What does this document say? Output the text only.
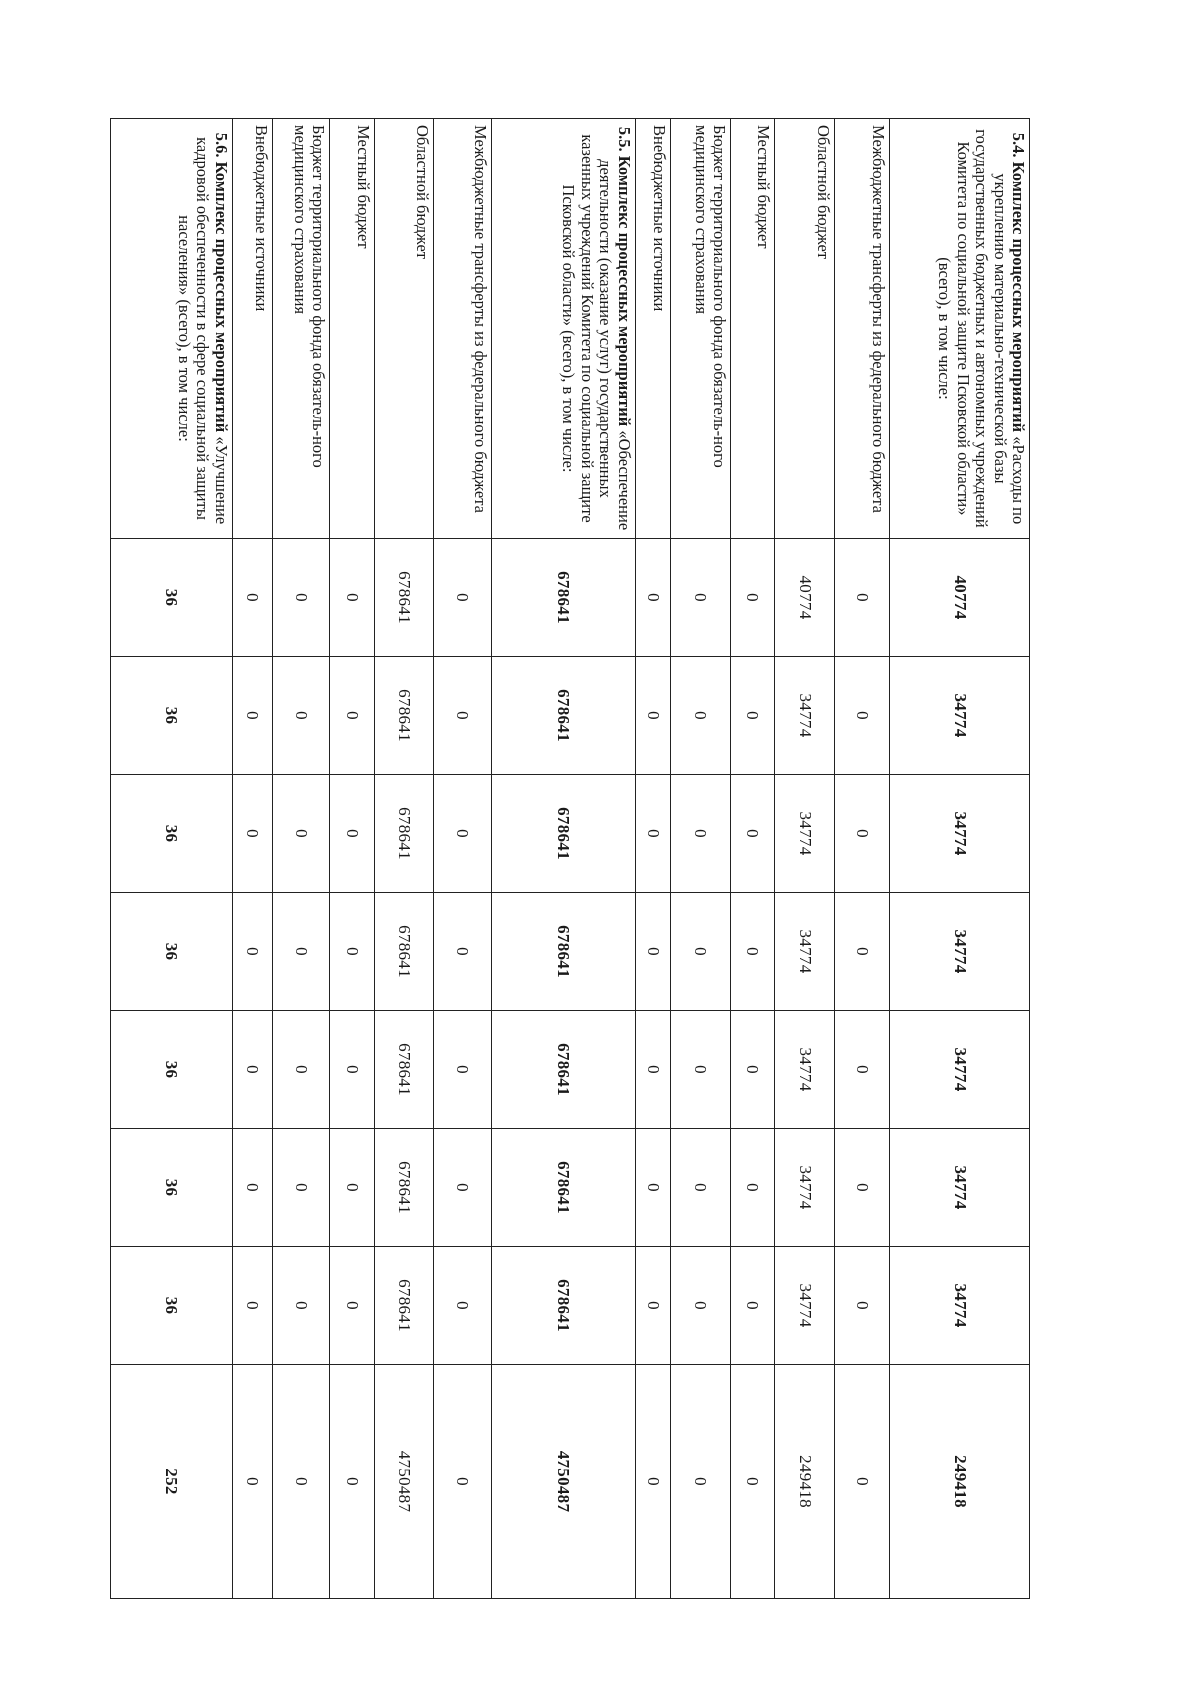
5.4. Комплекс процессных мероприятий «Расходы по укреплению материально-технической базы государственных бюджетных и автономных учреждений Комитета по социальной защите Псковской области» (всего), в том числе:	40774	34774	34774	34774	34774	34774	34774	249418
Межбюджетные трансферты из федерального бюджета	0	0	0	0	0	0	0	0
Областной бюджет	40774	34774	34774	34774	34774	34774	34774	249418
Местный бюджет	0	0	0	0	0	0	0	0
Бюджет территориального фонда обязатель-ного медицинского страхования	0	0	0	0	0	0	0	0
Внебюджетные источники	0	0	0	0	0	0	0	0
5.5. Комплекс процессных мероприятий «Обеспечение деятельности (оказание услуг) государственных казенных учреждений Комитета по социальной защите Псковской области» (всего), в том числе:	678641	678641	678641	678641	678641	678641	678641	4750487
Межбюджетные трансферты из федерального бюджета	0	0	0	0	0	0	0	0
Областной бюджет	678641	678641	678641	678641	678641	678641	678641	4750487
Местный бюджет	0	0	0	0	0	0	0	0
Бюджет территориального фонда обязатель-ного медицинского страхования	0	0	0	0	0	0	0	0
Внебюджетные источники	0	0	0	0	0	0	0	0
5.6. Комплекс процессных мероприятий «Улучшение кадровой обеспеченности в сфере социальной защиты населения» (всего), в том числе:	36	36	36	36	36	36	36	252
